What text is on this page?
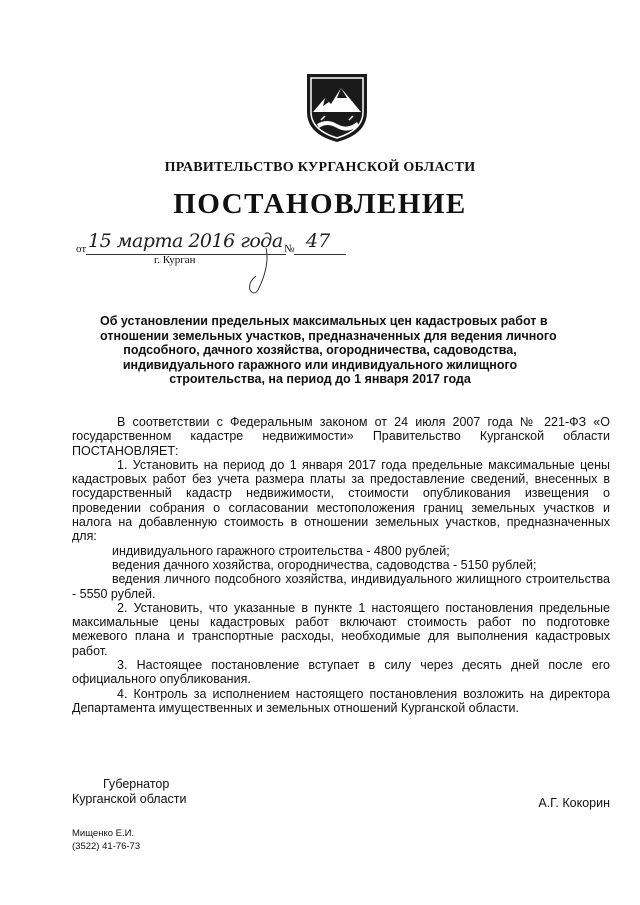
ПРАВИТЕЛЬСТВО КУРГАНСКОЙ ОБЛАСТИ
ПОСТАНОВЛЕНИЕ
от 15 марта 2016 года № 47
г. Курган
Об установлении предельных максимальных цен кадастровых работ в
отношении земельных участков, предназначенных для ведения личного
подсобного, дачного хозяйства, огородничества, садоводства,
индивидуального гаражного или индивидуального жилищного
строительства, на период до 1 января 2017 года

В соответствии с Федеральным законом от 24 июля 2007 года № 221-ФЗ «О государственном кадастре недвижимости» Правительство Курганской области ПОСТАНОВЛЯЕТ:

1. Установить на период до 1 января 2017 года предельные максимальные цены кадастровых работ без учета размера платы за предоставление сведений, внесенных в государственный кадастр недвижимости, стоимости опубликования извещения о проведении собрания о согласовании местоположения границ земельных участков и налога на добавленную стоимость в отношении земельных участков, предназначенных для:

индивидуального гаражного строительства - 4800 рублей;

ведения дачного хозяйства, огородничества, садоводства - 5150 рублей;

ведения личного подсобного хозяйства, индивидуального жилищного строительства - 5550 рублей.

2. Установить, что указанные в пункте 1 настоящего постановления предельные максимальные цены кадастровых работ включают стоимость работ по подготовке межевого плана и транспортные расходы, необходимые для выполнения кадастровых работ.

3. Настоящее постановление вступает в силу через десять дней после его официального опубликования.

4. Контроль за исполнением настоящего постановления возложить на директора Департамента имущественных и земельных отношений Курганской области.

Губернатор
Курганской области	А.Г. Кокорин
Мищенко Е.И.
(3522) 41-76-73
